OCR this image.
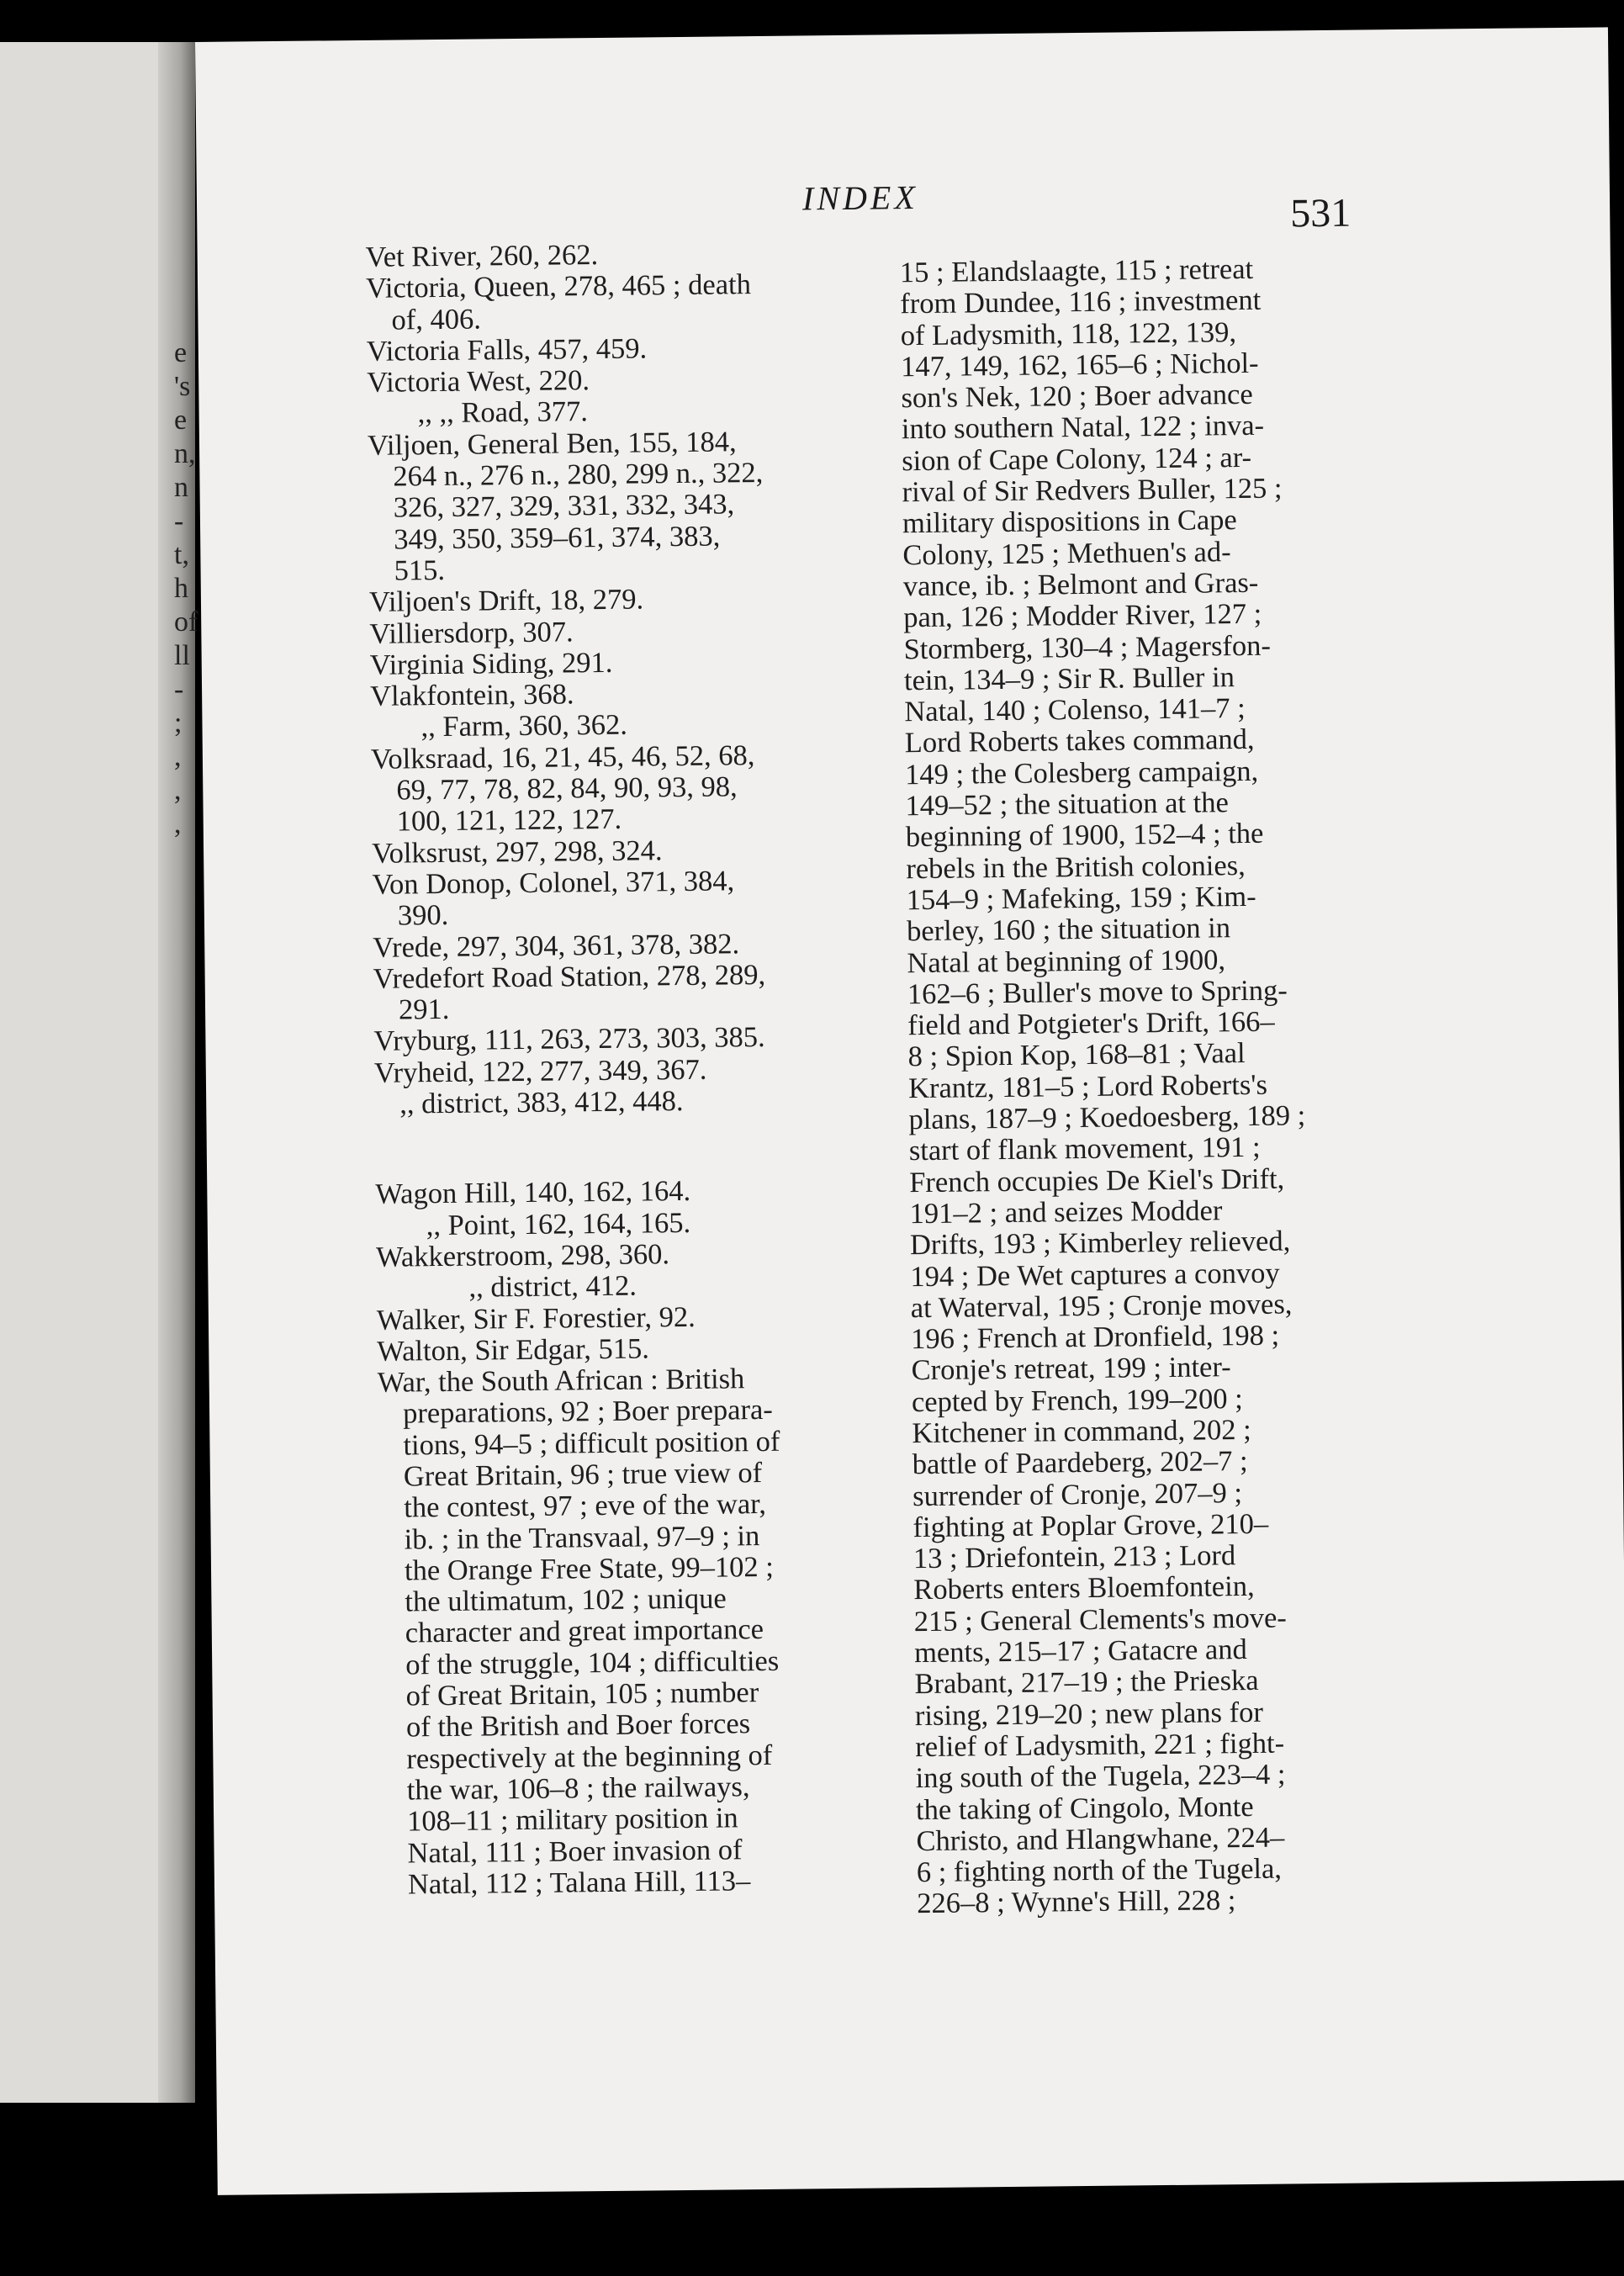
e
's
e
n,
n
-
t,
h
of
ll
-
;
,
,
,
INDEX	531
Vet River, 260, 262.
Victoria, Queen, 278, 465 ; death
of, 406.
Victoria Falls, 457, 459.
Victoria West, 220.
,, ,, Road, 377.
Viljoen, General Ben, 155, 184,
264 n., 276 n., 280, 299 n., 322,
326, 327, 329, 331, 332, 343,
349, 350, 359–61, 374, 383,
515.
Viljoen's Drift, 18, 279.
Villiersdorp, 307.
Virginia Siding, 291.
Vlakfontein, 368.
,, Farm, 360, 362.
Volksraad, 16, 21, 45, 46, 52, 68,
69, 77, 78, 82, 84, 90, 93, 98,
100, 121, 122, 127.
Volksrust, 297, 298, 324.
Von Donop, Colonel, 371, 384,
390.
Vrede, 297, 304, 361, 378, 382.
Vredefort Road Station, 278, 289,
291.
Vryburg, 111, 263, 273, 303, 385.
Vryheid, 122, 277, 349, 367.
,, district, 383, 412, 448.
Wagon Hill, 140, 162, 164.
,, Point, 162, 164, 165.
Wakkerstroom, 298, 360.
,, district, 412.
Walker, Sir F. Forestier, 92.
Walton, Sir Edgar, 515.
War, the South African : British
preparations, 92 ; Boer prepara-
tions, 94–5 ; difficult position of
Great Britain, 96 ; true view of
the contest, 97 ; eve of the war,
ib. ; in the Transvaal, 97–9 ; in
the Orange Free State, 99–102 ;
the ultimatum, 102 ; unique
character and great importance
of the struggle, 104 ; difficulties
of Great Britain, 105 ; number
of the British and Boer forces
respectively at the beginning of
the war, 106–8 ; the railways,
108–11 ; military position in
Natal, 111 ; Boer invasion of
Natal, 112 ; Talana Hill, 113–
15 ; Elandslaagte, 115 ; retreat
from Dundee, 116 ; investment
of Ladysmith, 118, 122, 139,
147, 149, 162, 165–6 ; Nichol-
son's Nek, 120 ; Boer advance
into southern Natal, 122 ; inva-
sion of Cape Colony, 124 ; ar-
rival of Sir Redvers Buller, 125 ;
military dispositions in Cape
Colony, 125 ; Methuen's ad-
vance, ib. ; Belmont and Gras-
pan, 126 ; Modder River, 127 ;
Stormberg, 130–4 ; Magersfon-
tein, 134–9 ; Sir R. Buller in
Natal, 140 ; Colenso, 141–7 ;
Lord Roberts takes command,
149 ; the Colesberg campaign,
149–52 ; the situation at the
beginning of 1900, 152–4 ; the
rebels in the British colonies,
154–9 ; Mafeking, 159 ; Kim-
berley, 160 ; the situation in
Natal at beginning of 1900,
162–6 ; Buller's move to Spring-
field and Potgieter's Drift, 166–
8 ; Spion Kop, 168–81 ; Vaal
Krantz, 181–5 ; Lord Roberts's
plans, 187–9 ; Koedoesberg, 189 ;
start of flank movement, 191 ;
French occupies De Kiel's Drift,
191–2 ; and seizes Modder
Drifts, 193 ; Kimberley relieved,
194 ; De Wet captures a convoy
at Waterval, 195 ; Cronje moves,
196 ; French at Dronfield, 198 ;
Cronje's retreat, 199 ; inter-
cepted by French, 199–200 ;
Kitchener in command, 202 ;
battle of Paardeberg, 202–7 ;
surrender of Cronje, 207–9 ;
fighting at Poplar Grove, 210–
13 ; Driefontein, 213 ; Lord
Roberts enters Bloemfontein,
215 ; General Clements's move-
ments, 215–17 ; Gatacre and
Brabant, 217–19 ; the Prieska
rising, 219–20 ; new plans for
relief of Ladysmith, 221 ; fight-
ing south of the Tugela, 223–4 ;
the taking of Cingolo, Monte
Christo, and Hlangwhane, 224–
6 ; fighting north of the Tugela,
226–8 ; Wynne's Hill, 228 ;
